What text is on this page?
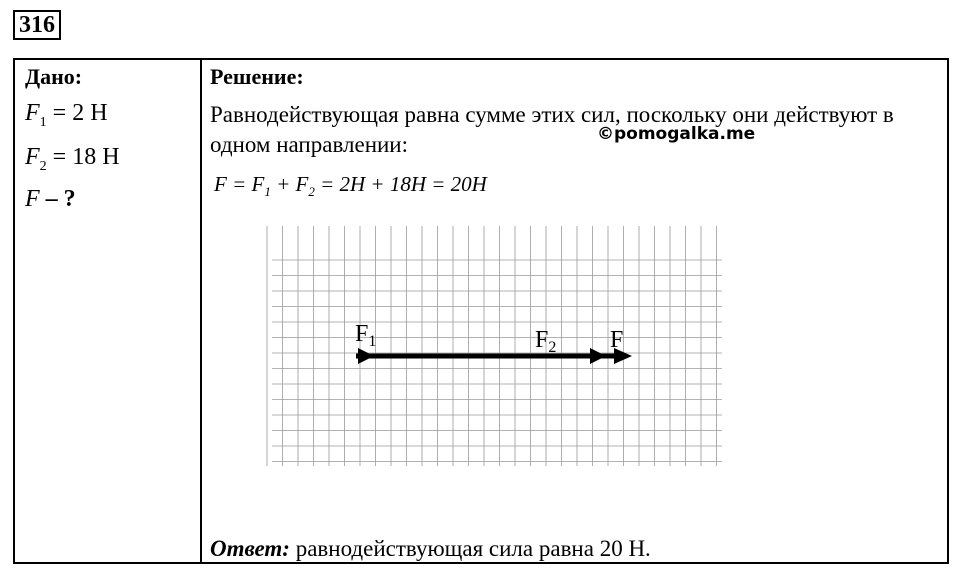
316
Дано:
$F_1 = 2$ Н
$F_2 = 18$ Н
F – ?
Решение:
Равнодействующая равна сумме этих сил, поскольку они действуют в одном направлении:	©pomogalka.me
$F = F_1 + F_2 = 2H + 18H = 20H$
$F_1$	$F_2$ F
Ответ: равнодействующая сила равна 20 Н.
